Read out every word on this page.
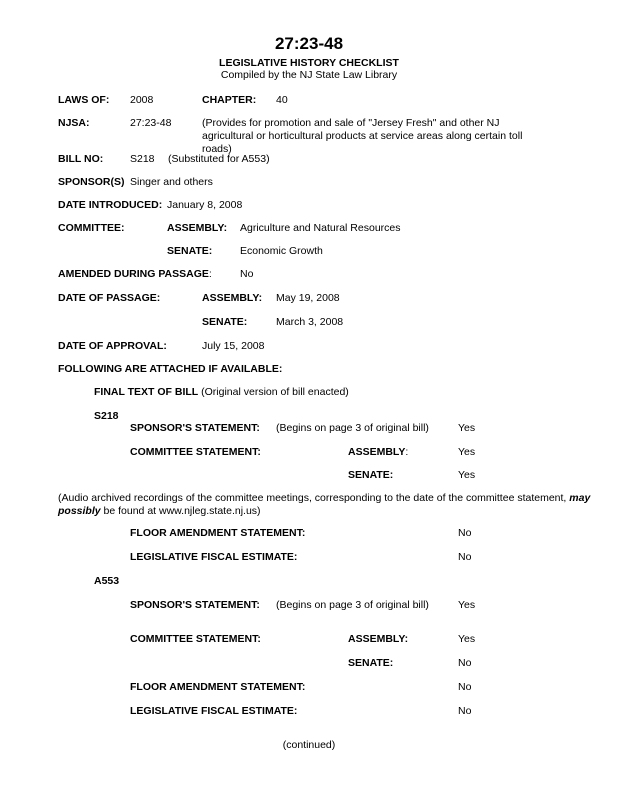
27:23-48
LEGISLATIVE HISTORY CHECKLIST
Compiled by the NJ State Law Library
LAWS OF: 2008	CHAPTER: 40
NJSA:	27:23-48	(Provides for promotion and sale of "Jersey Fresh" and other NJ agricultural or horticultural products at service areas along certain toll roads)
BILL NO:	S218 (Substituted for A553)
SPONSOR(S) Singer and others
DATE INTRODUCED: January 8, 2008
COMMITTEE:	ASSEMBLY: Agriculture and Natural Resources
SENATE:	Economic Growth
AMENDED DURING PASSAGE:	No
DATE OF PASSAGE:	ASSEMBLY: May 19, 2008
SENATE:	March 3, 2008
DATE OF APPROVAL:	July 15, 2008
FOLLOWING ARE ATTACHED IF AVAILABLE:
FINAL TEXT OF BILL (Original version of bill enacted)
S218
SPONSOR'S STATEMENT: (Begins on page 3 of original bill)	Yes
COMMITTEE STATEMENT:	ASSEMBLY:	Yes
SENATE:	Yes
(Audio archived recordings of the committee meetings, corresponding to the date of the committee statement, may possibly be found at www.njleg.state.nj.us)
FLOOR AMENDMENT STATEMENT:	No
LEGISLATIVE FISCAL ESTIMATE:	No
A553
SPONSOR'S STATEMENT: (Begins on page 3 of original bill)	Yes
COMMITTEE STATEMENT:	ASSEMBLY:	Yes
SENATE:	No
FLOOR AMENDMENT STATEMENT:	No
LEGISLATIVE FISCAL ESTIMATE:	No
(continued)
